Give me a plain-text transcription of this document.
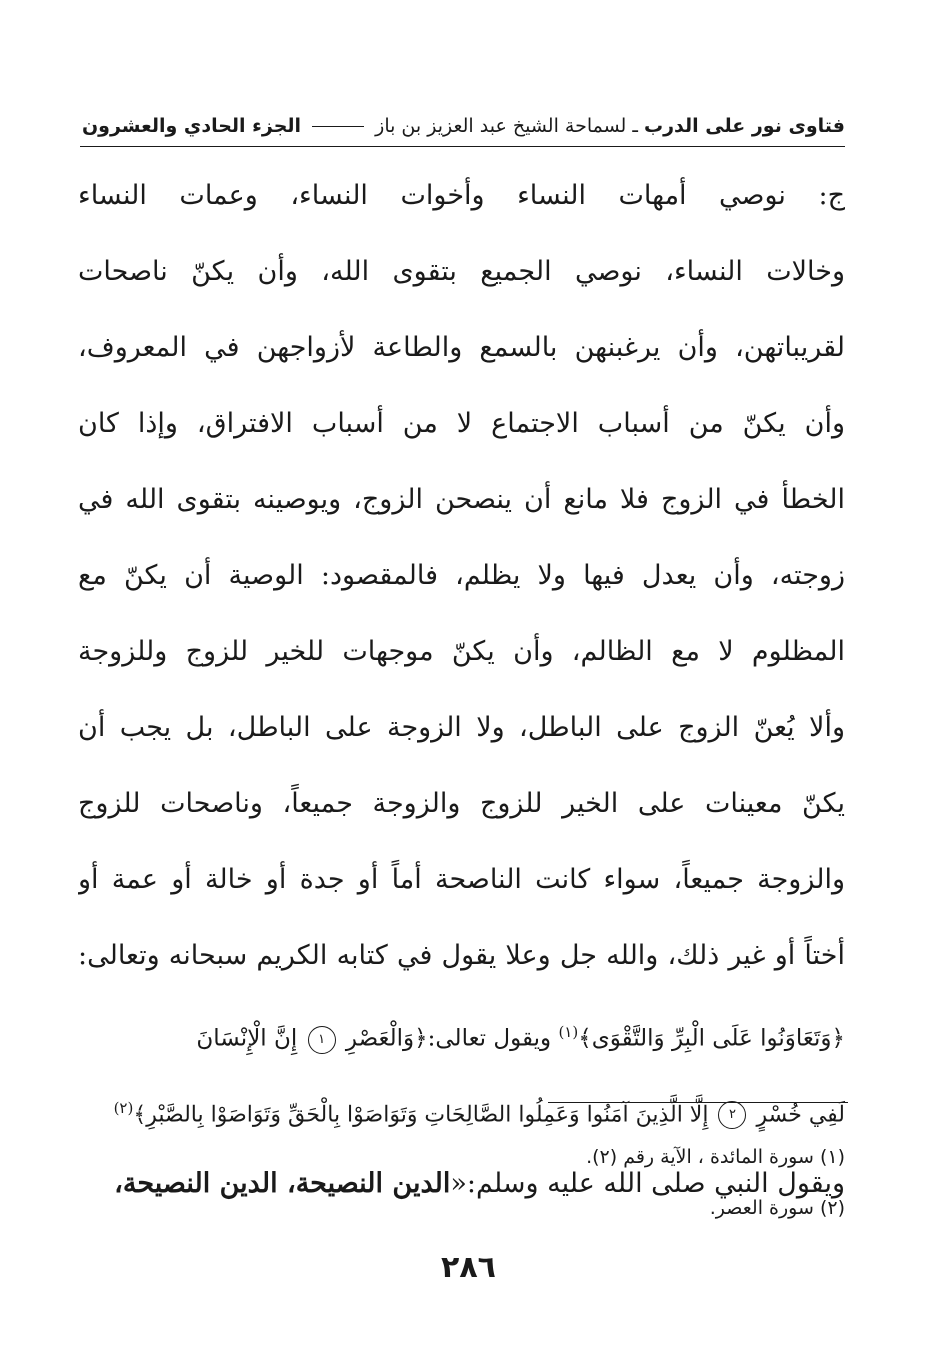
فتاوى نور على الدرب ـ لسماحة الشيخ عبد العزيز بن باز  الجزء الحادي والعشرون
ج: نوصي أمهات النساء وأخوات النساء، وعمات النساء
وخالات النساء، نوصي الجميع بتقوى الله، وأن يكنّ ناصحات
لقريباتهن، وأن يرغبنهن بالسمع والطاعة لأزواجهن في المعروف،
وأن يكنّ من أسباب الاجتماع لا من أسباب الافتراق، وإذا كان
الخطأ في الزوج فلا مانع أن ينصحن الزوج، ويوصينه بتقوى الله في
زوجته، وأن يعدل فيها ولا يظلم، فالمقصود: الوصية أن يكنّ مع
المظلوم لا مع الظالم، وأن يكنّ موجهات للخير للزوج وللزوجة
وألا يُعنّ الزوج على الباطل، ولا الزوجة على الباطل، بل يجب أن
يكنّ معينات على الخير للزوج والزوجة جميعاً، وناصحات للزوج
والزوجة جميعاً، سواء كانت الناصحة أماً أو جدة أو خالة أو عمة أو
أختاً أو غير ذلك، والله جل وعلا يقول في كتابه الكريم سبحانه وتعالى:
﴿وَتَعَاوَنُوا عَلَى الْبِرِّ وَالتَّقْوَى﴾$^{(١)}$ ويقول تعالى:﴿وَالْعَصْرِ ١ إِنَّ الْإِنْسَانَ
لَفِي خُسْرٍ ٢ إِلَّا الَّذِينَ آمَنُوا وَعَمِلُوا الصَّالِحَاتِ وَتَوَاصَوْا بِالْحَقِّ وَتَوَاصَوْا بِالصَّبْرِ﴾$^{(٢)}$
ويقول النبي صلى الله عليه وسلم:«الدين النصيحة، الدين النصيحة،
(١) سورة المائدة ، الآية رقم (٢).
(٢) سورة العصر.
٢٨٦
